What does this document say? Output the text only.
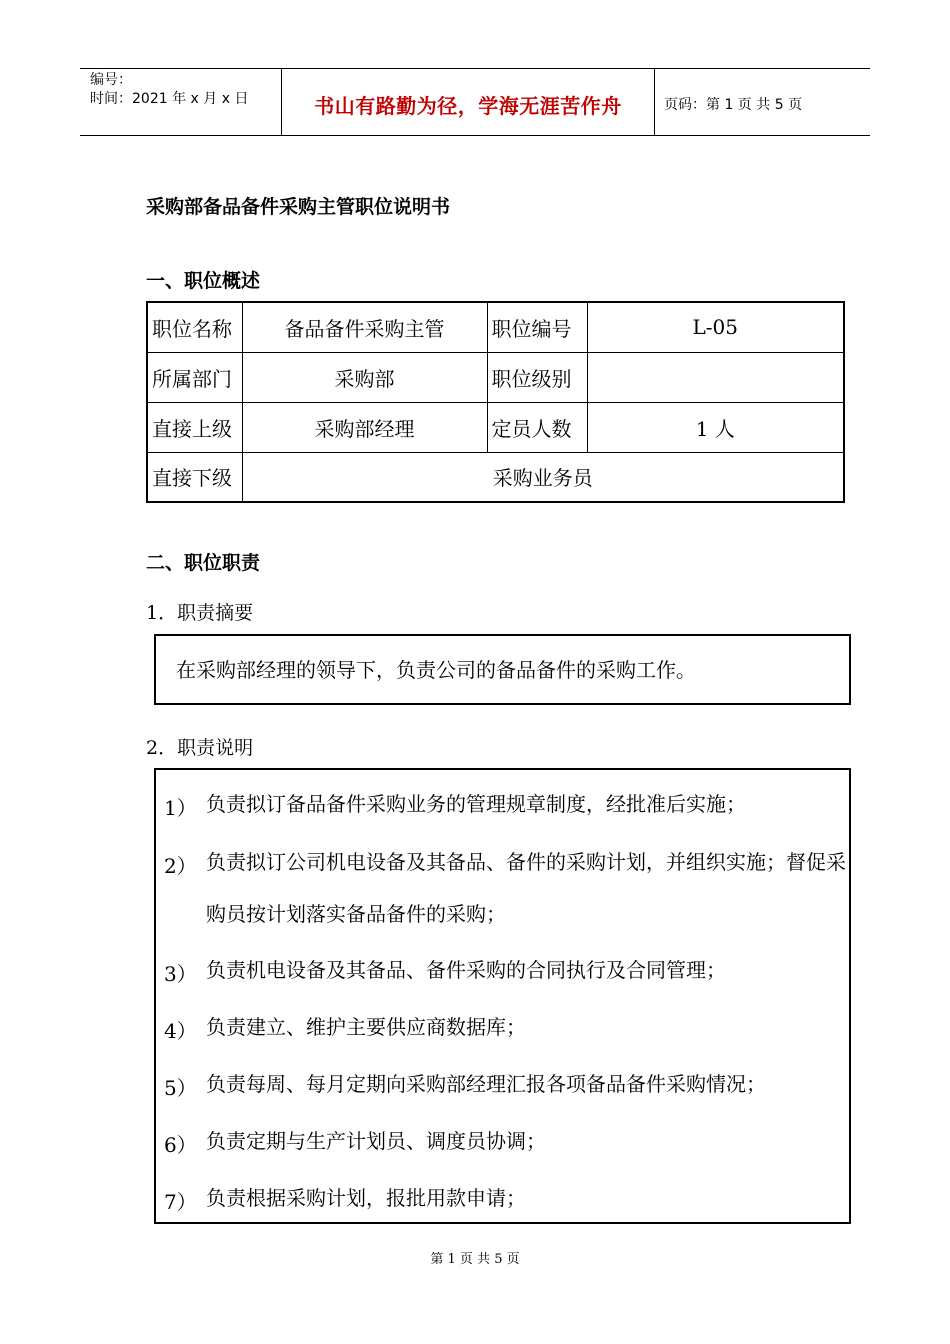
编号：
时间：2021 年 x 月 x 日	书山有路勤为径，学海无涯苦作舟	页码：第 1 页 共 5 页
采购部备品备件采购主管职位说明书
一、职位概述
职位名称	备品备件采购主管	职位编号	L-05
所属部门	采购部	职位级别	
直接上级	采购部经理	定员人数	1 人
直接下级	采购业务员		
二、职位职责
1．职责摘要
在采购部经理的领导下，负责公司的备品备件的采购工作。
2．职责说明
1） 负责拟订备品备件采购业务的管理规章制度，经批准后实施；
2） 负责拟订公司机电设备及其备品、备件的采购计划，并组织实施；督促采购员按计划落实备品备件的采购；
3） 负责机电设备及其备品、备件采购的合同执行及合同管理；
4） 负责建立、维护主要供应商数据库；
5） 负责每周、每月定期向采购部经理汇报各项备品备件采购情况；
6） 负责定期与生产计划员、调度员协调；
7） 负责根据采购计划，报批用款申请；
第 1 页 共 5 页
